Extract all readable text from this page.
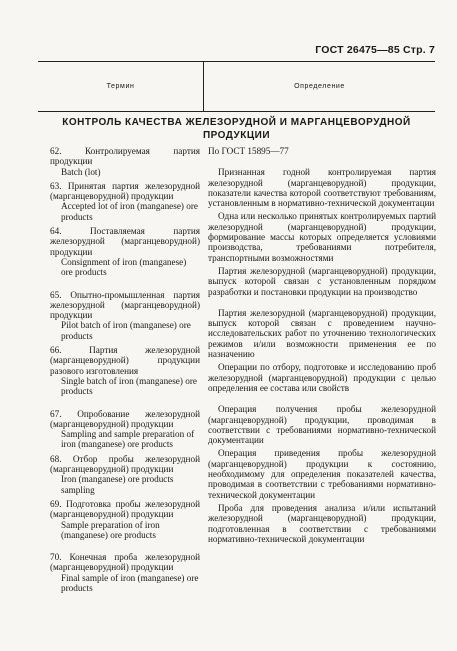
ГОСТ 26475—85 Стр. 7
Термин	Определение
КОНТРОЛЬ КАЧЕСТВА ЖЕЛЕЗОРУДНОЙ И МАРГАНЦЕВОРУДНОЙ ПРОДУКЦИИ
62. Контролируемая партия продукции
Batch (lot)
63. Принятая партия железорудной (марганцеворудной) продукции
Accepted lot of iron (manganese) ore products
64. Поставляемая партия железорудной (марганцеворудной) продукции
Consignment of iron (manganese) ore products
65. Опытно-промышленная партия железорудной (марганцеворудной) продукции
Pilot batch of iron (manganese) ore products
66. Партия железорудной (марганцеворудной) продукции разового изготовления
Single batch of iron (manganese) ore products
67. Опробование железорудной (марганцеворудной) продукции
Sampling and sample preparation of iron (manganese) ore products
68. Отбор пробы железорудной (марганцеворудной) продукции
Iron (manganese) ore products sampling
69. Подготовка пробы железорудной (марганцеворудной) продукции
Sample preparation of iron (manganese) ore products
70. Конечная проба железорудной (марганцеворудной) продукции
Final sample of iron (manganese) ore products
По ГОСТ 15895—77
Признанная годной контролируемая партия железорудной (марганцеворудной) продукции, показатели качества которой соответствуют требованиям, установленным в нормативно-технической документации
Одна или несколько принятых контролируемых партий железорудной (марганцеворудной) продукции, формирование массы которых определяется условиями производства, требованиями потребителя, транспортными возможностями
Партия железорудной (марганцеворудной) продукции, выпуск которой связан с установленным порядком разработки и постановки продукции на производство
Партия железорудной (марганцеворудной) продукции, выпуск которой связан с проведением научно-исследовательских работ по уточнению технологических режимов и/или возможности применения ее по назначению
Операции по отбору, подготовке и исследованию проб железорудной (марганцеворудной) продукции с целью определения ее состава или свойств
Операция получения пробы железорудной (марганцеворудной) продукции, проводимая в соответствии с требованиями нормативно-технической документации
Операция приведения пробы железорудной (марганцеворудной) продукции к состоянию, необходимому для определения показателей качества, проводимая в соответствии с требованиями нормативно-технической документации
Проба для проведения анализа и/или испытаний железорудной (марганцеворудной) продукции, подготовленная в соответствии с требованиями нормативно-технической документации
